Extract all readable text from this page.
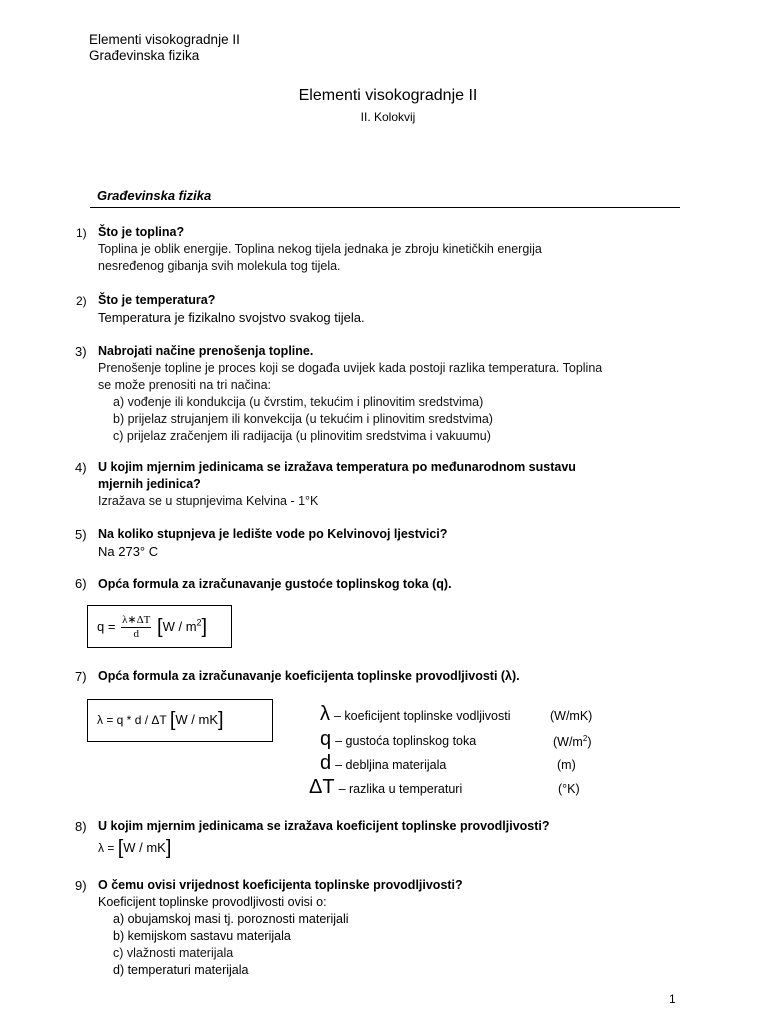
Elementi visokogradnje II
Građevinska fizika
Elementi visokogradnje II
II. Kolokvij
Građevinska fizika
1) Što je toplina?
Toplina je oblik energije. Toplina nekog tijela jednaka je zbroju kinetičkih energija
nesređenog gibanja svih molekula tog tijela.
2) Što je temperatura?
Temperatura je fizikalno svojstvo svakog tijela.
3) Nabrojati načine prenošenja topline.
Prenošenje topline je proces koji se događa uvijek kada postoji razlika temperatura. Toplina
se može prenositi na tri načina:
a) vođenje ili kondukcija (u čvrstim, tekućim i plinovitim sredstvima)
b) prijelaz strujanjem ili konvekcija (u tekućim i plinovitim sredstvima)
c) prijelaz zračenjem ili radijacija (u plinovitim sredstvima i vakuumu)
4) U kojim mjernim jedinicama se izražava temperatura po međunarodnom sustavu
mjernih jedinica?
Izražava se u stupnjevima Kelvina - 1°K
5) Na koliko stupnjeva je ledište vode po Kelvinovoj ljestvici?
Na 273° C
6) Opća formula za izračunavanje gustoće toplinskog toka (q).
$q = \frac{\lambda∗\Delta T}{d} [W / m^2]$
7) Opća formula za izračunavanje koeficijenta toplinske provodljivosti (λ).
λ = q * d / ΔT [W / mK]	λ – koeficijent toplinske vodljivosti	(W/mK)
q – gustoća toplinskog toka	$(W/m^2)$
d – debljina materijala	(m)
ΔT – razlika u temperaturi	(°K)
8) U kojim mjernim jedinicama se izražava koeficijent toplinske provodljivosti?
λ = [W / mK]
9) O čemu ovisi vrijednost koeficijenta toplinske provodljivosti?
Koeficijent toplinske provodljivosti ovisi o:
a) obujamskoj masi tj. poroznosti materijali
b) kemijskom sastavu materijala
c) vlažnosti materijala
d) temperaturi materijala
1
